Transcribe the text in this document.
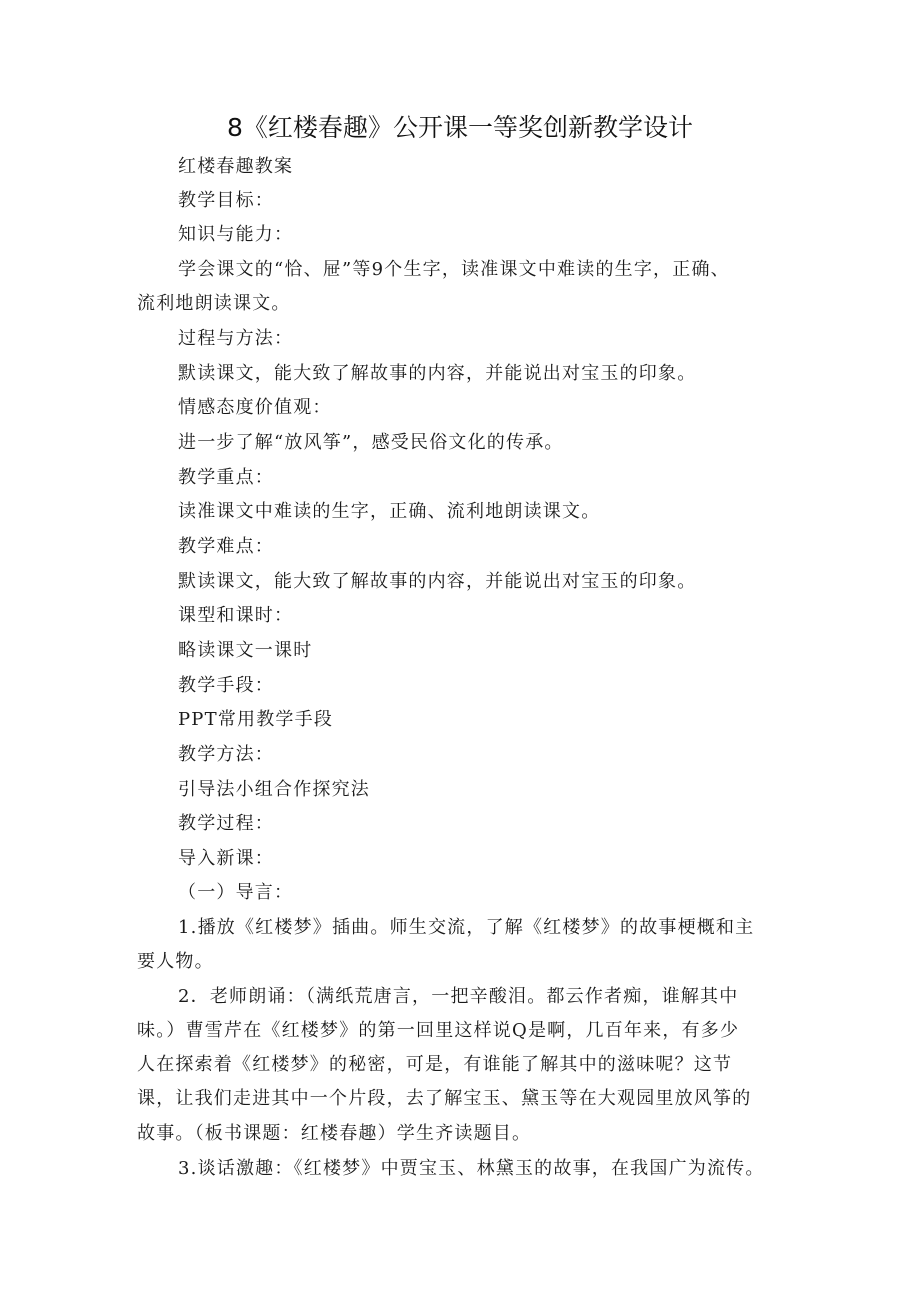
8《红楼春趣》公开课一等奖创新教学设计
红楼春趣教案
教学目标：
知识与能力：
学会课文的“恰、屉”等9个生字，读准课文中难读的生字，正确、
流利地朗读课文。
过程与方法：
默读课文，能大致了解故事的内容，并能说出对宝玉的印象。
情感态度价值观：
进一步了解“放风筝”，感受民俗文化的传承。
教学重点：
读准课文中难读的生字，正确、流利地朗读课文。
教学难点：
默读课文，能大致了解故事的内容，并能说出对宝玉的印象。
课型和课时：
略读课文一课时
教学手段：
PPT常用教学手段
教学方法：
引导法小组合作探究法
教学过程：
导入新课：
（一）导言：
1.播放《红楼梦》插曲。师生交流，了解《红楼梦》的故事梗概和主
要人物。
2．老师朗诵：（满纸荒唐言，一把辛酸泪。都云作者痴，谁解其中
味。）曹雪芹在《红楼梦》的第一回里这样说Q是啊，几百年来，有多少
人在探索着《红楼梦》的秘密，可是，有谁能了解其中的滋味呢？这节
课，让我们走进其中一个片段，去了解宝玉、黛玉等在大观园里放风筝的
故事。（板书课题：红楼春趣）学生齐读题目。
3.谈话激趣：《红楼梦》中贾宝玉、林黛玉的故事，在我国广为流传。
